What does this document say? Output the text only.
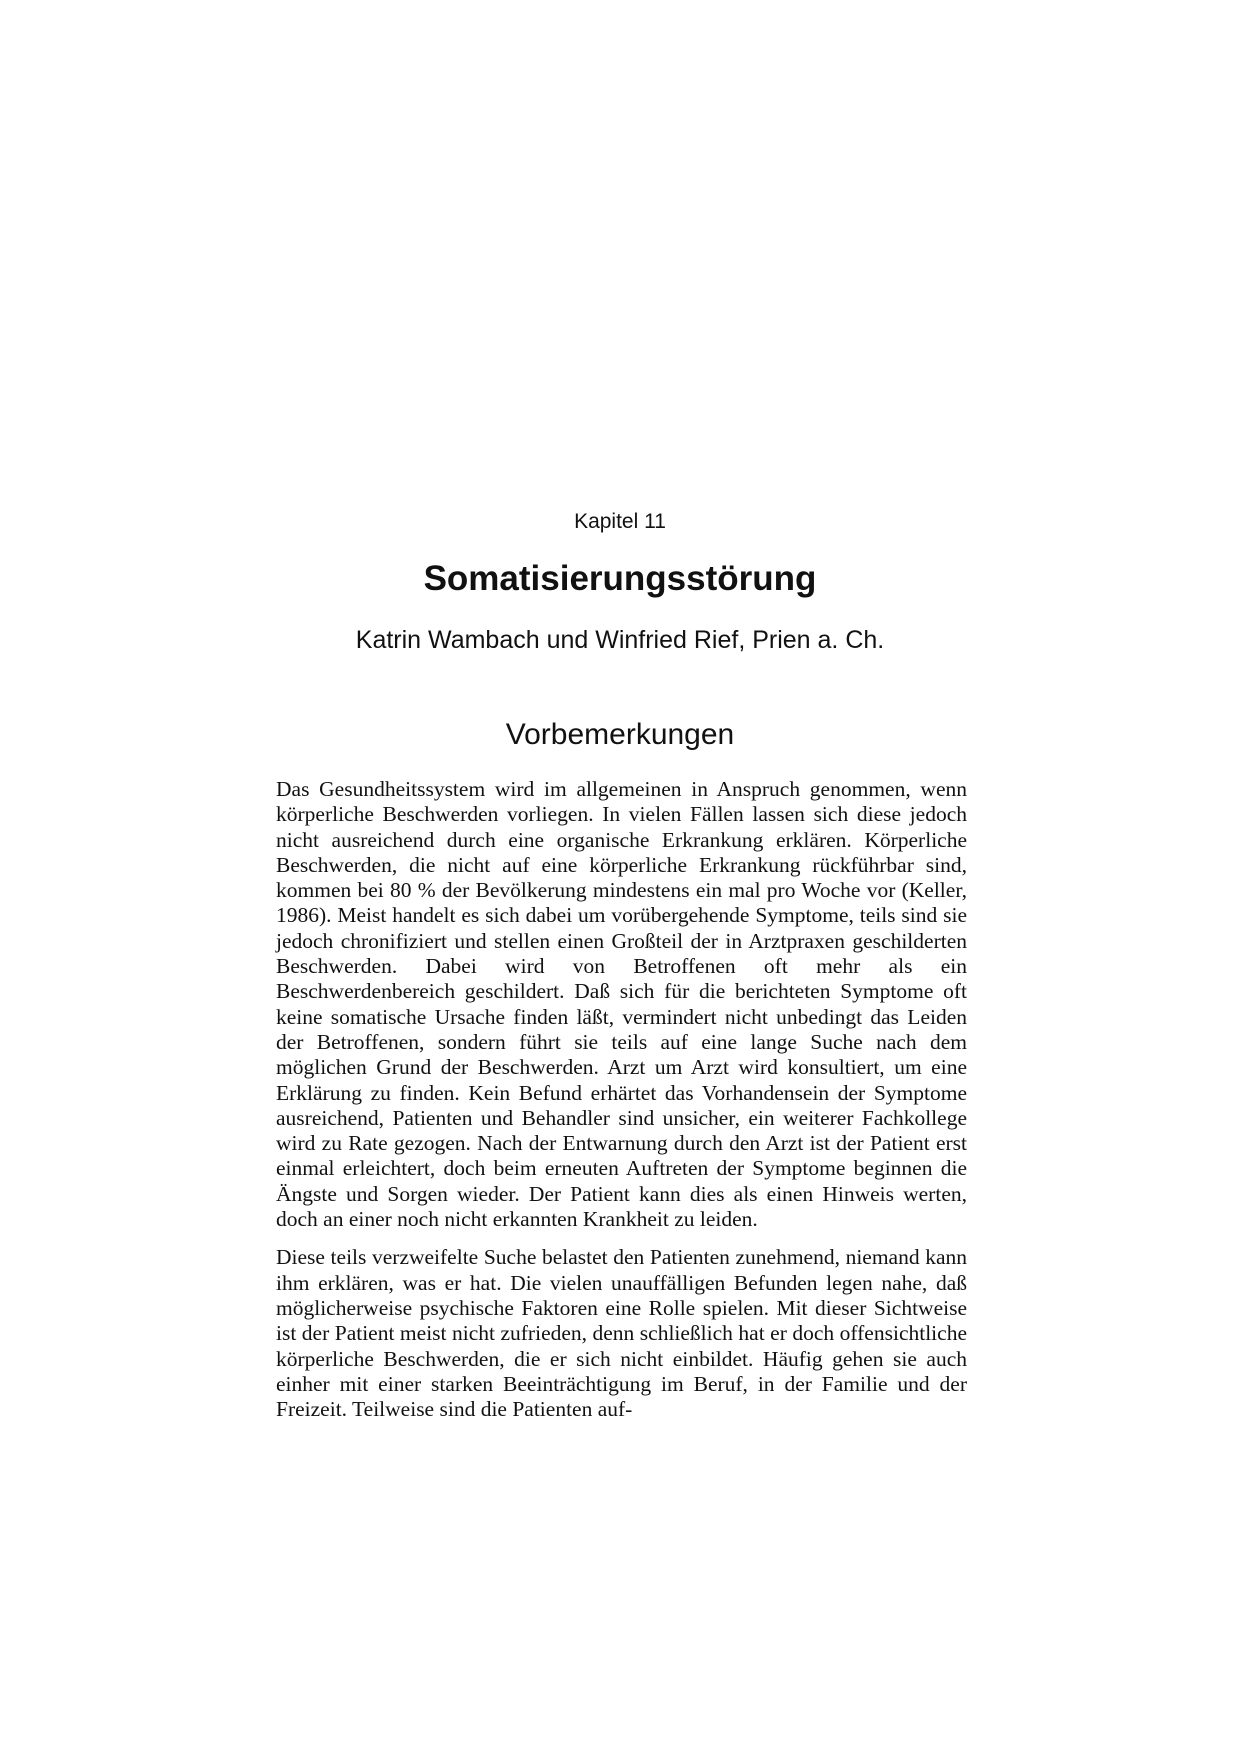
Kapitel 11
Somatisierungsstörung
Katrin Wambach und Winfried Rief, Prien a. Ch.
Vorbemerkungen

Das Gesundheitssystem wird im allgemeinen in Anspruch genommen, wenn körperliche Beschwerden vorliegen. In vielen Fällen lassen sich diese jedoch nicht ausreichend durch eine organische Erkrankung erklären. Körperliche Beschwerden, die nicht auf eine körperliche Erkrankung rückführbar sind, kommen bei 80 % der Bevölkerung mindestens ein mal pro Woche vor (Keller, 1986). Meist handelt es sich dabei um vorübergehende Symptome, teils sind sie jedoch chronifiziert und stellen einen Großteil der in Arztpraxen geschilderten Beschwerden. Dabei wird von Betroffenen oft mehr als ein Beschwerdenbereich geschildert. Daß sich für die berichteten Symptome oft keine somatische Ursache finden läßt, vermindert nicht unbedingt das Leiden der Betroffenen, sondern führt sie teils auf eine lange Suche nach dem möglichen Grund der Beschwerden. Arzt um Arzt wird konsultiert, um eine Erklärung zu finden. Kein Befund erhärtet das Vorhandensein der Symptome ausreichend, Patienten und Behandler sind unsicher, ein weiterer Fachkollege wird zu Rate gezogen. Nach der Entwarnung durch den Arzt ist der Patient erst einmal erleichtert, doch beim erneuten Auftreten der Symptome beginnen die Ängste und Sorgen wieder. Der Patient kann dies als einen Hinweis werten, doch an einer noch nicht erkannten Krankheit zu leiden.

Diese teils verzweifelte Suche belastet den Patienten zunehmend, niemand kann ihm erklären, was er hat. Die vielen unauffälligen Befunden legen nahe, daß möglicherweise psychische Faktoren eine Rolle spielen. Mit dieser Sichtweise ist der Patient meist nicht zufrieden, denn schließlich hat er doch offensichtliche körperliche Beschwerden, die er sich nicht einbildet. Häufig gehen sie auch einher mit einer starken Beeinträchtigung im Beruf, in der Familie und der Freizeit. Teilweise sind die Patienten auf-
